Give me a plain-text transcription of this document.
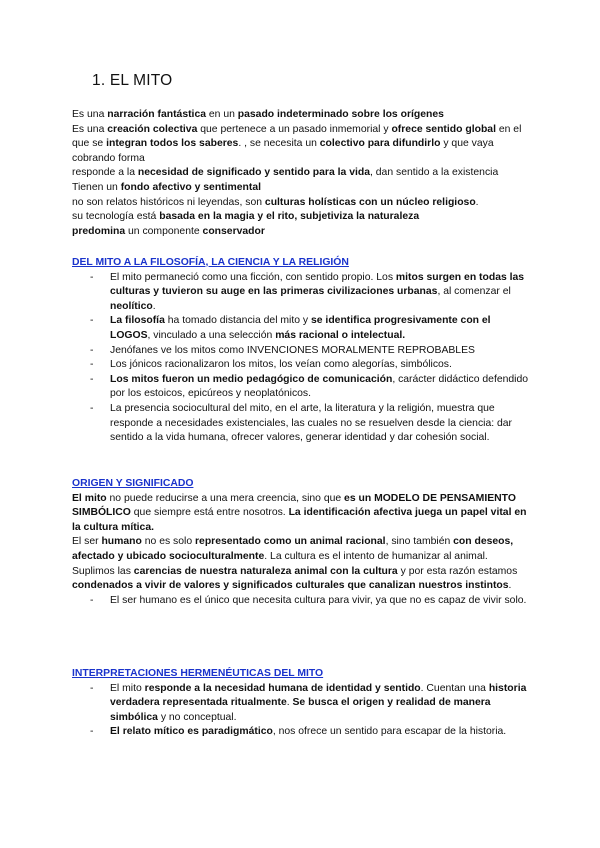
1. EL MITO

Es una narración fantástica en un pasado indeterminado sobre los orígenes

Es una creación colectiva que pertenece a un pasado inmemorial y ofrece sentido global en el que se integran todos los saberes. , se necesita un colectivo para difundirlo y que vaya cobrando forma

responde a la necesidad de significado y sentido para la vida, dan sentido a la existencia

Tienen un fondo afectivo y sentimental

no son relatos históricos ni leyendas, son culturas holísticas con un núcleo religioso.

su tecnología está basada en la magia y el rito, subjetiviza la naturaleza

predomina un componente conservador

DEL MITO A LA FILOSOFÍA, LA CIENCIA Y LA RELIGIÓN

- El mito permaneció como una ficción, con sentido propio. Los mitos surgen en todas las culturas y tuvieron su auge en las primeras civilizaciones urbanas, al comenzar el neolítico.
- La filosofía ha tomado distancia del mito y se identifica progresivamente con el LOGOS, vinculado a una selección más racional o intelectual.
- Jenófanes ve los mitos como INVENCIONES MORALMENTE REPROBABLES
- Los jónicos racionalizaron los mitos, los veían como alegorías, simbólicos.
- Los mitos fueron un medio pedagógico de comunicación, carácter didáctico defendido por los estoicos, epicúreos y neoplatónicos.
- La presencia sociocultural del mito, en el arte, la literatura y la religión, muestra que responde a necesidades existenciales, las cuales no se resuelven desde la ciencia: dar sentido a la vida humana, ofrecer valores, generar identidad y dar cohesión social.

ORIGEN Y SIGNIFICADO

El mito no puede reducirse a una mera creencia, sino que es un MODELO DE PENSAMIENTO SIMBÓLICO que siempre está entre nosotros. La identificación afectiva juega un papel vital en la cultura mítica.

El ser humano no es solo representado como un animal racional, sino también con deseos, afectado y ubicado socioculturalmente. La cultura es el intento de humanizar al animal.

Suplimos las carencias de nuestra naturaleza animal con la cultura y por esta razón estamos condenados a vivir de valores y significados culturales que canalizan nuestros instintos.

- El ser humano es el único que necesita cultura para vivir, ya que no es capaz de vivir solo.

INTERPRETACIONES HERMENÉUTICAS DEL MITO

- El mito responde a la necesidad humana de identidad y sentido. Cuentan una historia verdadera representada ritualmente. Se busca el origen y realidad de manera simbólica y no conceptual.
- El relato mítico es paradigmático, nos ofrece un sentido para escapar de la historia.
